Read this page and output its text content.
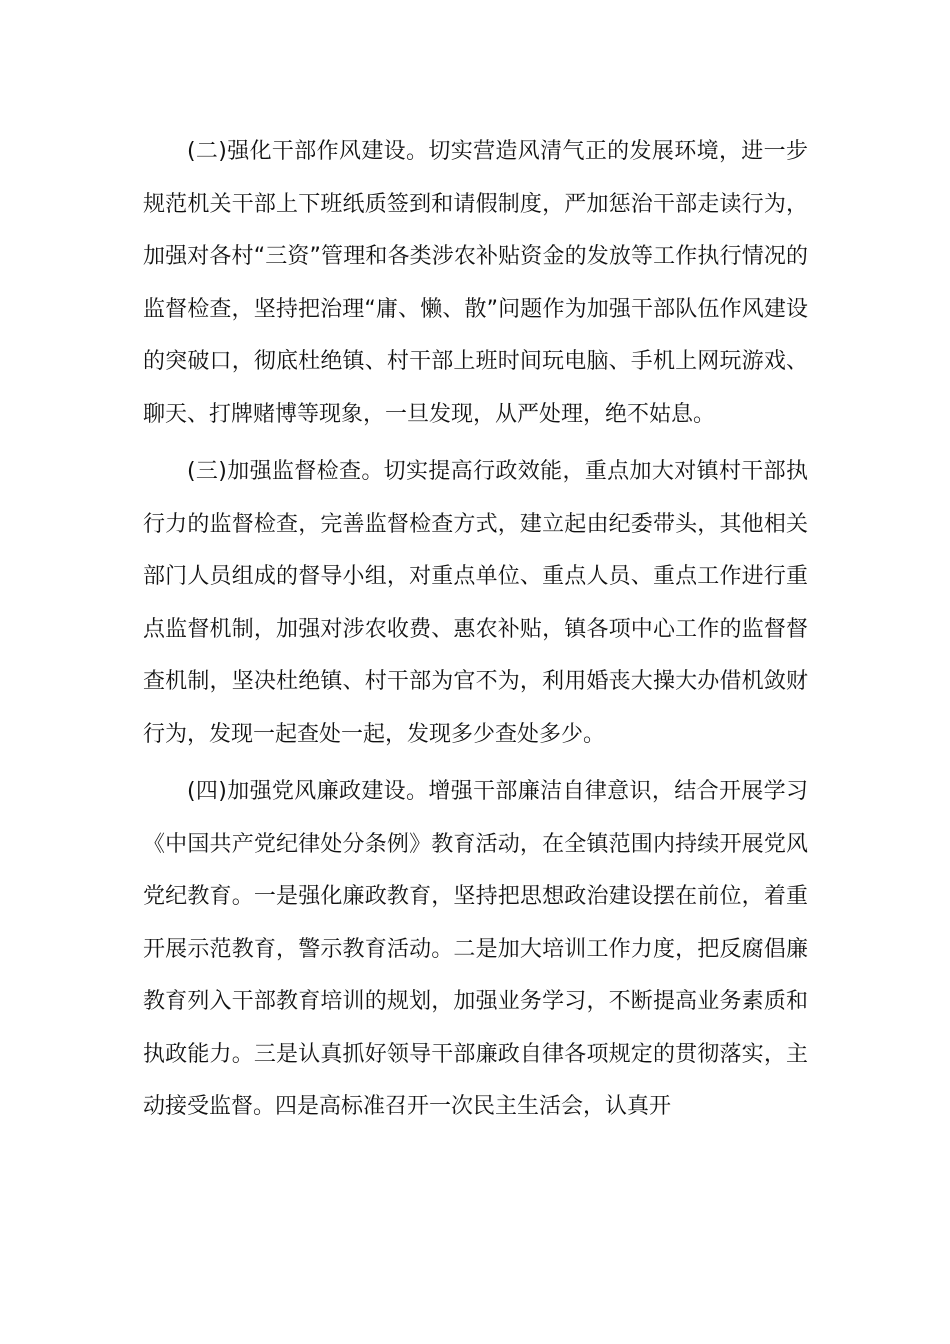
(二)强化干部作风建设。切实营造风清气正的发展环境，进一步规范机关干部上下班纸质签到和请假制度，严加惩治干部走读行为，加强对各村“三资”管理和各类涉农补贴资金的发放等工作执行情况的监督检查，坚持把治理“庸、懒、散”问题作为加强干部队伍作风建设的突破口，彻底杜绝镇、村干部上班时间玩电脑、手机上网玩游戏、聊天、打牌赌博等现象，一旦发现，从严处理，绝不姑息。

(三)加强监督检查。切实提高行政效能，重点加大对镇村干部执行力的监督检查，完善监督检查方式，建立起由纪委带头，其他相关部门人员组成的督导小组，对重点单位、重点人员、重点工作进行重点监督机制，加强对涉农收费、惠农补贴，镇各项中心工作的监督督查机制，坚决杜绝镇、村干部为官不为，利用婚丧大操大办借机敛财行为，发现一起查处一起，发现多少查处多少。

(四)加强党风廉政建设。增强干部廉洁自律意识，结合开展学习《中国共产党纪律处分条例》教育活动，在全镇范围内持续开展党风党纪教育。一是强化廉政教育，坚持把思想政治建设摆在前位，着重开展示范教育，警示教育活动。二是加大培训工作力度，把反腐倡廉教育列入干部教育培训的规划，加强业务学习，不断提高业务素质和执政能力。三是认真抓好领导干部廉政自律各项规定的贯彻落实，主动接受监督。四是高标准召开一次民主生活会，认真开
